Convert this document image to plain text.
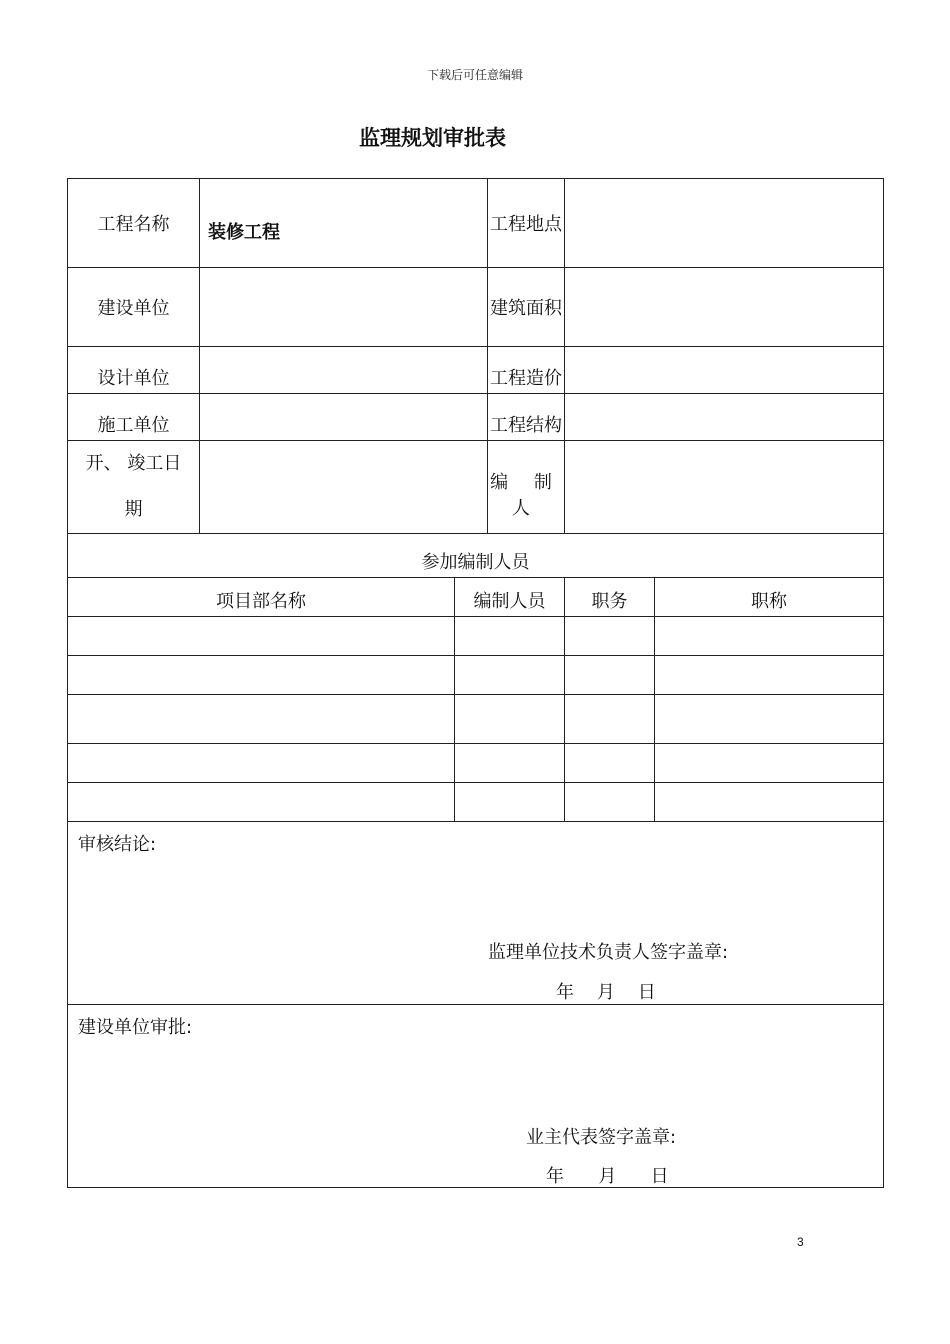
下载后可任意编辑
监理规划审批表
工程名称	装修工程		工程地点		
建设单位			建筑面积		
设计单位			工程造价		
施工单位			工程结构		

开、 竣工日
期			编 制 人		
参加编制人员					
项目部名称		编制人员		职务	职称

审核结论:
监理单位技术负责人签字盖章:
年    月    日					

建设单位审批:
业主代表签字盖章:
年      月      日					
3
